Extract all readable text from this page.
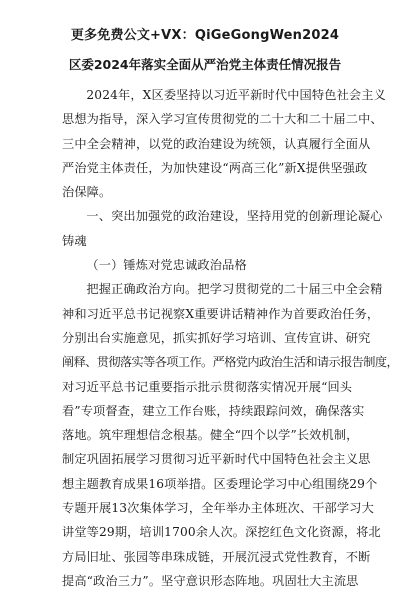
更多免费公文+VX：QiGeGongWen2024
区委2024年落实全面从严治党主体责任情况报告

2024年，X区委坚持以习近平新时代中国特色社会主义
思想为指导，深入学习宣传贯彻党的二十大和二十届二中、
三中全会精神，以党的政治建设为统领，认真履行全面从
严治党主体责任，为加快建设“两高三化”新X提供坚强政
治保障。

一、突出加强党的政治建设，坚持用党的创新理论凝心
铸魂

（一）锤炼对党忠诚政治品格

把握正确政治方向。把学习贯彻党的二十届三中全会精
神和习近平总书记视察X重要讲话精神作为首要政治任务，
分别出台实施意见，抓实抓好学习培训、宣传宣讲、研究
阐释、贯彻落实等各项工作。严格党内政治生活和请示报告制度，
对习近平总书记重要指示批示贯彻落实情况开展“回头
看”专项督查，建立工作台账，持续跟踪问效，确保落实
落地。筑牢理想信念根基。健全“四个以学”长效机制，
制定巩固拓展学习贯彻习近平新时代中国特色社会主义思
想主题教育成果16项举措。区委理论学习中心组围绕29个
专题开展13次集体学习，全年举办主体班次、干部学习大
讲堂等29期，培训1700余人次。深挖红色文化资源，将北
方局旧址、张园等串珠成链，开展沉浸式党性教育，不断
提高“政治三力”。坚守意识形态阵地。巩固壮大主流思
